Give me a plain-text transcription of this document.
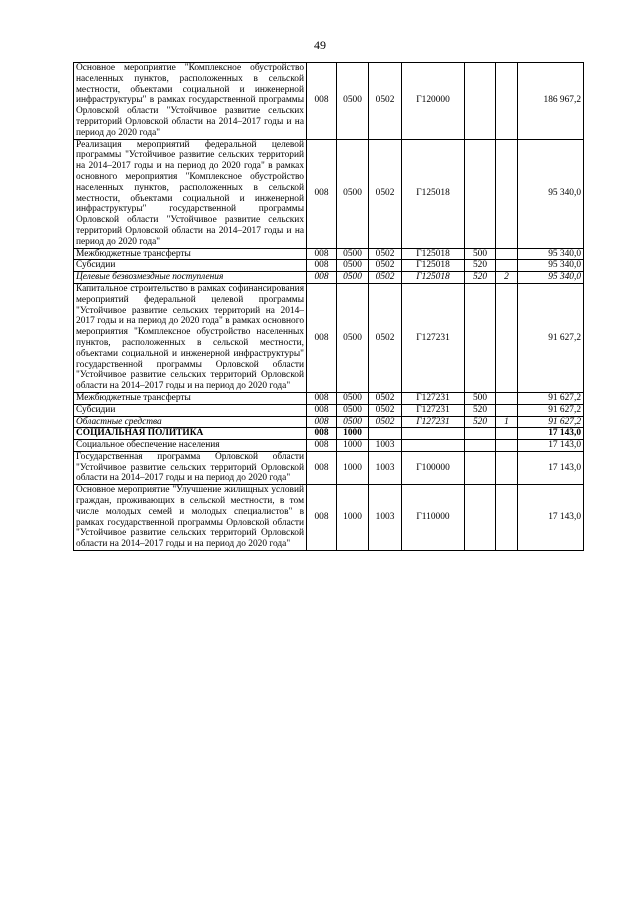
49
Основное мероприятие "Комплексное обустройство населенных пунктов, расположенных в сельской местности, объектами социальной и инженерной инфраструктуры" в рамках государственной программы Орловской области "Устойчивое развитие сельских территорий Орловской области на 2014–2017 годы и на период до 2020 года"	008	0500	0502	Г120000			186 967,2
Реализация мероприятий федеральной целевой программы "Устойчивое развитие сельских территорий на 2014–2017 годы и на период до 2020 года" в рамках основного мероприятия "Комплексное обустройство населенных пунктов, расположенных в сельской местности, объектами социальной и инженерной инфраструктуры" государственной программы Орловской области "Устойчивое развитие сельских территорий Орловской области на 2014–2017 годы и на период до 2020 года"	008	0500	0502	Г125018			95 340,0
Межбюджетные трансферты	008	0500	0502	Г125018	500		95 340,0
Субсидии	008	0500	0502	Г125018	520		95 340,0
Целевые безвозмездные поступления	008	0500	0502	Г125018	520	2	95 340,0
Капитальное строительство в рамках софинансирования мероприятий федеральной целевой программы "Устойчивое развитие сельских территорий на 2014–2017 годы и на период до 2020 года" в рамках основного мероприятия "Комплексное обустройство населенных пунктов, расположенных в сельской местности, объектами социальной и инженерной инфраструктуры" государственной программы Орловской области "Устойчивое развитие сельских территорий Орловской области на 2014–2017 годы и на период до 2020 года"	008	0500	0502	Г127231			91 627,2
Межбюджетные трансферты	008	0500	0502	Г127231	500		91 627,2
Субсидии	008	0500	0502	Г127231	520		91 627,2
Областные средства	008	0500	0502	Г127231	520	1	91 627,2
СОЦИАЛЬНАЯ ПОЛИТИКА	008	1000					17 143,0
Социальное обеспечение населения	008	1000	1003				17 143,0
Государственная программа Орловской области "Устойчивое развитие сельских территорий Орловской области на 2014–2017 годы и на период до 2020 года"	008	1000	1003	Г100000			17 143,0
Основное мероприятие "Улучшение жилищных условий граждан, проживающих в сельской местности, в том числе молодых семей и молодых специалистов" в рамках государственной программы Орловской области "Устойчивое развитие сельских территорий Орловской области на 2014–2017 годы и на период до 2020 года"	008	1000	1003	Г110000			17 143,0
